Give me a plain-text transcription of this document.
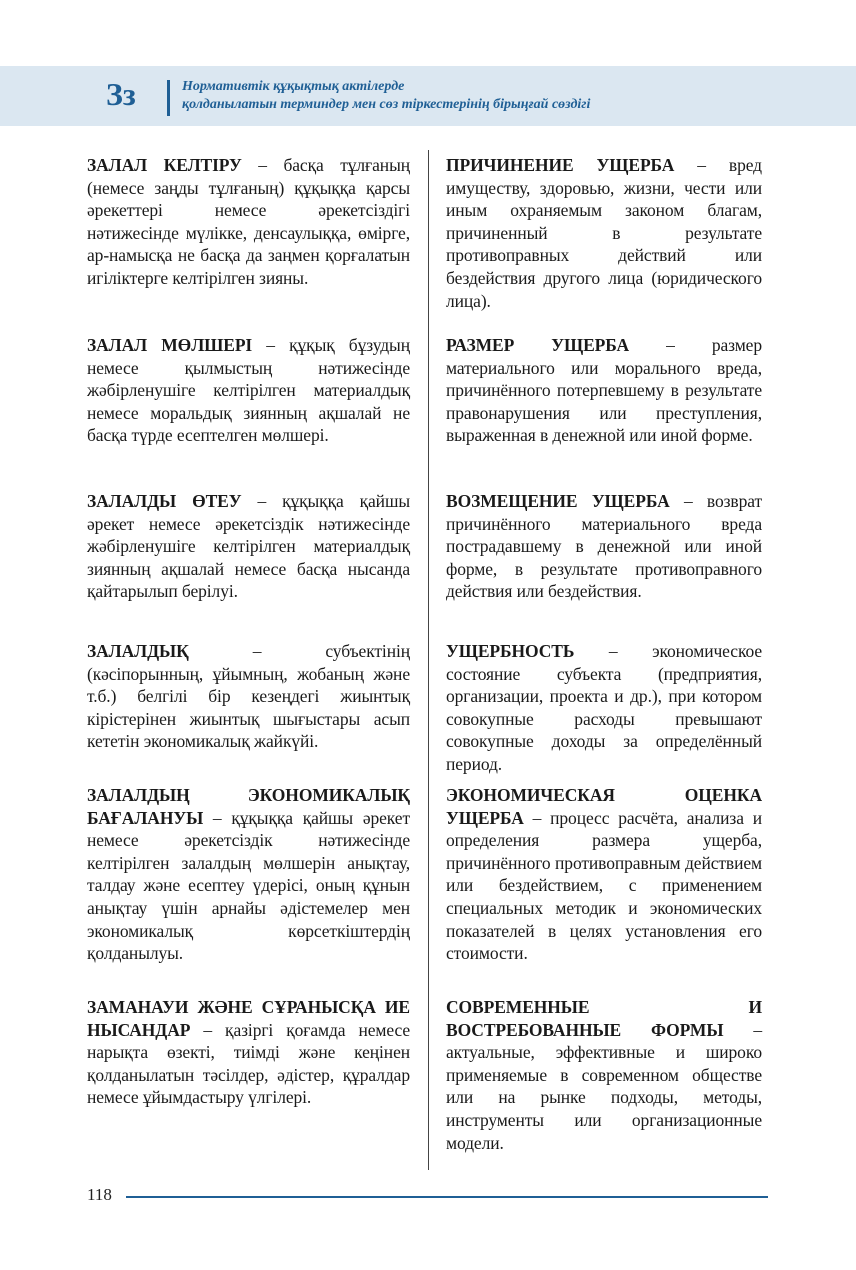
Зз	Нормативтік құқықтық актілерде
қолданылатын терминдер мен сөз тіркестерінің бірыңғай сөздігі

ЗАЛАЛ КЕЛТІРУ – басқа тұлғаның (немесе заңды тұлғаның) құқыққа қарсы әрекеттері немесе әрекетсіздігі нәтижесінде мүлікке, денсаулыққа, өмірге, ар-намысқа не басқа да заңмен қорғалатын игіліктерге келтірілген зияны.

ЗАЛАЛ МӨЛШЕРІ – құқық бұзудың немесе қылмыстың нәтижесінде жәбірленушіге келтірілген материалдық немесе моральдық зиянның ақшалай не басқа түрде есептелген мөлшері.

ЗАЛАЛДЫ ӨТЕУ – құқыққа қайшы әрекет немесе әрекетсіздік нәтижесінде жәбірленушіге келтірілген материалдық зиянның ақшалай немесе басқа нысанда қайтарылып берілуі.

ЗАЛАЛДЫҚ – субъектінің (кәсіпорынның, ұйымның, жобаның және т.б.) белгілі бір кезеңдегі жиынтық кірістерінен жиынтық шығыстары асып кететін экономикалық жайкүйі.

ЗАЛАЛДЫҢ ЭКОНОМИКАЛЫҚ БАҒАЛАНУЫ – құқыққа қайшы әрекет немесе әрекетсіздік нәтижесінде келтірілген залалдың мөлшерін анықтау, талдау және есептеу үдерісі, оның құнын анықтау үшін арнайы әдістемелер мен экономикалық көрсеткіштердің қолданылуы.

ЗАМАНАУИ ЖӘНЕ СҰРАНЫСҚА ИЕ НЫСАНДАР – қазіргі қоғамда немесе нарықта өзекті, тиімді және кеңінен қолданылатын тәсілдер, әдістер, құралдар немесе ұйымдастыру үлгілері.

ПРИЧИНЕНИЕ УЩЕРБА – вред имуществу, здоровью, жизни, чести или иным охраняемым законом благам, причиненный в результате противоправных действий или бездействия другого лица (юридического лица).

РАЗМЕР УЩЕРБА – размер материального или морального вреда, причинённого потерпевшему в результате правонарушения или преступления, выраженная в денежной или иной форме.

ВОЗМЕЩЕНИЕ УЩЕРБА – возврат причинённого материального вреда пострадавшему в денежной или иной форме, в результате противоправного действия или бездействия.

УЩЕРБНОСТЬ – экономическое состояние субъекта (предприятия, организации, проекта и др.), при котором совокупные расходы превышают совокупные доходы за определённый период.

ЭКОНОМИЧЕСКАЯ ОЦЕНКА УЩЕРБА – процесс расчёта, анализа и определения размера ущерба, причинённого противоправным действием или бездействием, с применением специальных методик и экономических показателей в целях установления его стоимости.

СОВРЕМЕННЫЕ И ВОСТРЕБОВАННЫЕ ФОРМЫ – актуальные, эффективные и широко применяемые в современном обществе или на рынке подходы, методы, инструменты или организационные модели.

118
